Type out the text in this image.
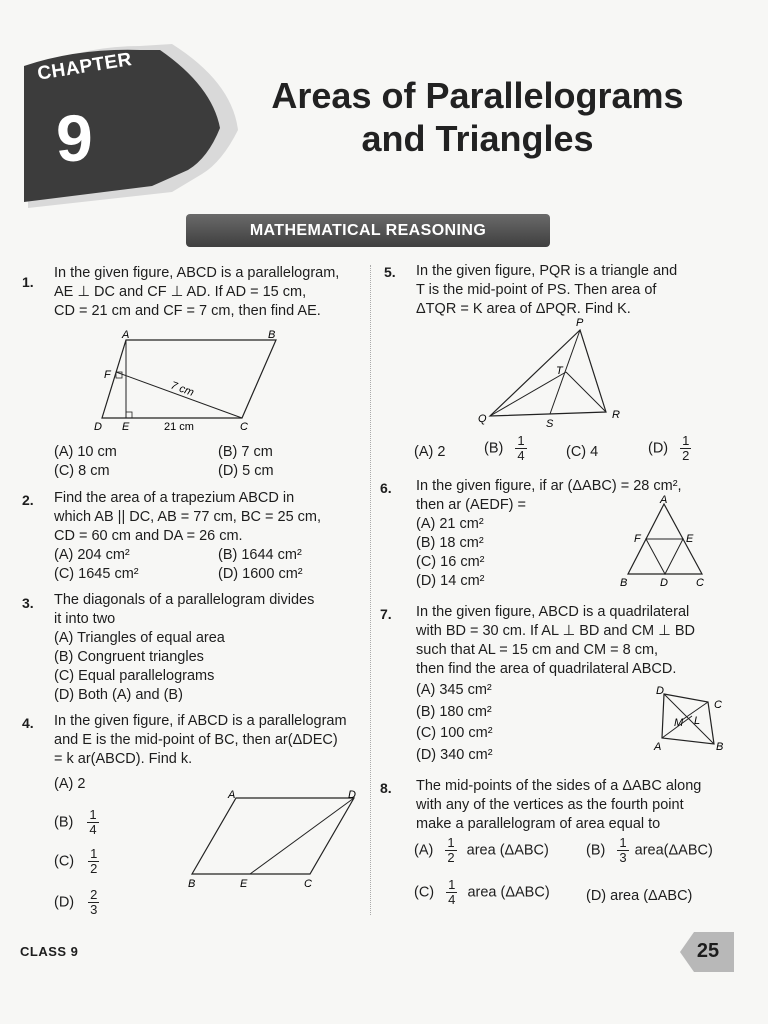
CHAPTER
9
Areas of Parallelograms
and Triangles
MATHEMATICAL REASONING
1.
In the given figure, ABCD is a parallelogram,
AE ⊥ DC and CF ⊥ AD. If AD = 15 cm,
CD = 21 cm and CF = 7 cm, then find AE.
A	B
C
D E
F
7 cm
21 cm
(A) 10 cm	(B) 7 cm
(C) 8 cm	(D) 5 cm
2. Find the area of a trapezium ABCD in
which AB || DC, AB = 77 cm, BC = 25 cm,
CD = 60 cm and DA = 26 cm.
(A) 204 cm²	(B) 1644 cm²
(C) 1645 cm²	(D) 1600 cm²
3. The diagonals of a parallelogram divides
it into two
(A) Triangles of equal area
(B) Congruent triangles
(C) Equal parallelograms
(D) Both (A) and (B)
4. In the given figure, if ABCD is a parallelogram
and E is the mid-point of BC, then ar(ΔDEC)
= k ar(ABCD). Find k.
(A) 2
$(B) \frac{1}{4}$
$(C) \frac{1}{2}$
$(D) \frac{2}{3}$
A	D
B	E	C
5. In the given figure, PQR is a triangle and
T is the mid-point of PS. Then area of
ΔTQR = K area of ΔPQR. Find K.
P
Q	R
S
T
(A) 2	$(B) \frac{1}{4}$	(C) 4	$(D) \frac{1}{2}$
6. In the given figure, if ar (ΔABC) = 28 cm²,
then ar (AEDF) =
(A) 21 cm²
(B) 18 cm²
(C) 16 cm²
(D) 14 cm²
A
B	C
D
E
F
7. In the given figure, ABCD is a quadrilateral
with BD = 30 cm. If AL ⊥ BD and CM ⊥ BD
such that AL = 15 cm and CM = 8 cm,
then find the area of quadrilateral ABCD.
(A) 345 cm²
(B) 180 cm²
(C) 100 cm²
(D) 340 cm²
D
C
B
A
M L
8. The mid-points of the sides of a ΔABC along
with any of the vertices as the fourth point
make a parallelogram of area equal to
$(A) \frac{1}{2}$ area (ΔABC)	$(B) \frac{1}{3}$ area(ΔABC)
$(C) \frac{1}{4}$ area (ΔABC)	(D) area (ΔABC)
CLASS 9	25
